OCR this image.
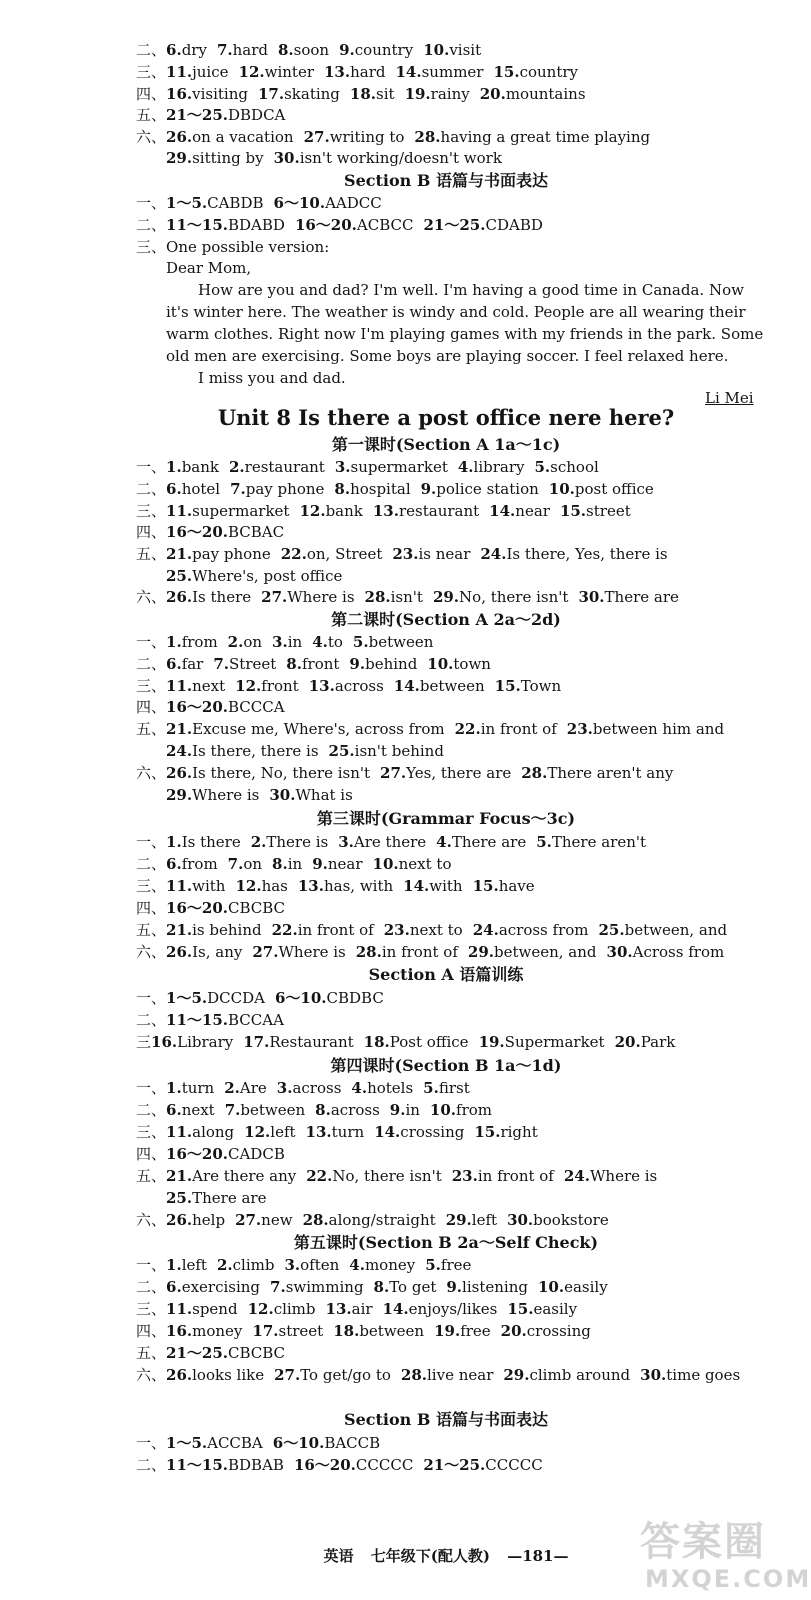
二、6.dry 7.hard 8.soon 9.country 10.visit
三、11.juice 12.winter 13.hard 14.summer 15.country
四、16.visiting 17.skating 18.sit 19.rainy 20.mountains
五、21～25.DBDCA
六、26.on a vacation 27.writing to 28.having a great time playing
29.sitting by 30.isn't working/doesn't work
一、1～5.CABDB 6～10.AADCC
二、11～15.BDABD 16～20.ACBCC 21～25.CDABD
三、One possible version:
一、1.bank 2.restaurant 3.supermarket 4.library 5.school
二、6.hotel 7.pay phone 8.hospital 9.police station 10.post office
三、11.supermarket 12.bank 13.restaurant 14.near 15.street
四、16～20.BCBAC
五、21.pay phone 22.on, Street 23.is near 24.Is there, Yes, there is
25.Where's, post office
六、26.Is there 27.Where is 28.isn't 29.No, there isn't 30.There are
一、1.from 2.on 3.in 4.to 5.between
二、6.far 7.Street 8.front 9.behind 10.town
三、11.next 12.front 13.across 14.between 15.Town
四、16～20.BCCCA
五、21.Excuse me, Where's, across from 22.in front of 23.between him and
24.Is there, there is 25.isn't behind
六、26.Is there, No, there isn't 27.Yes, there are 28.There aren't any
29.Where is 30.What is
一、1.Is there 2.There is 3.Are there 4.There are 5.There aren't
二、6.from 7.on 8.in 9.near 10.next to
三、11.with 12.has 13.has, with 14.with 15.have
四、16～20.CBCBC
五、21.is behind 22.in front of 23.next to 24.across from 25.between, and
六、26.Is, any 27.Where is 28.in front of 29.between, and 30.Across from
一、1～5.DCCDA 6～10.CBDBC
二、11～15.BCCAA
三16.Library 17.Restaurant 18.Post office 19.Supermarket 20.Park
一、1.turn 2.Are 3.across 4.hotels 5.first
二、6.next 7.between 8.across 9.in 10.from
三、11.along 12.left 13.turn 14.crossing 15.right
四、16～20.CADCB
五、21.Are there any 22.No, there isn't 23.in front of 24.Where is
25.There are
六、26.help 27.new 28.along/straight 29.left 30.bookstore
一、1.left 2.climb 3.often 4.money 5.free
二、6.exercising 7.swimming 8.To get 9.listening 10.easily
三、11.spend 12.climb 13.air 14.enjoys/likes 15.easily
四、16.money 17.street 18.between 19.free 20.crossing
五、21～25.CBCBC
六、26.looks like 27.To get/go to 28.live near 29.climb around 30.time goes
一、1～5.ACCBA 6～10.BACCB
二、11～15.BDBAB 16～20.CCCCC 21～25.CCCCC
Section B 语篇与书面表达
Unit 8 Is there a post office nere here?
第一课时(Section A 1a～1c)
第二课时(Section A 2a～2d)
第三课时(Grammar Focus～3c)
Section A 语篇训练
第四课时(Section B 1a～1d)
第五课时(Section B 2a～Self Check)
Section B 语篇与书面表达
Dear Mom,
How are you and dad? I'm well. I'm having a good time in Canada. Now
it's winter here. The weather is windy and cold. People are all wearing their
warm clothes. Right now I'm playing games with my friends in the park. Some
old men are exercising. Some boys are playing soccer. I feel relaxed here.
I miss you and dad.
Li Mei
英语 七年级下(配人教) —181—	答案圈
MXQE.COM
